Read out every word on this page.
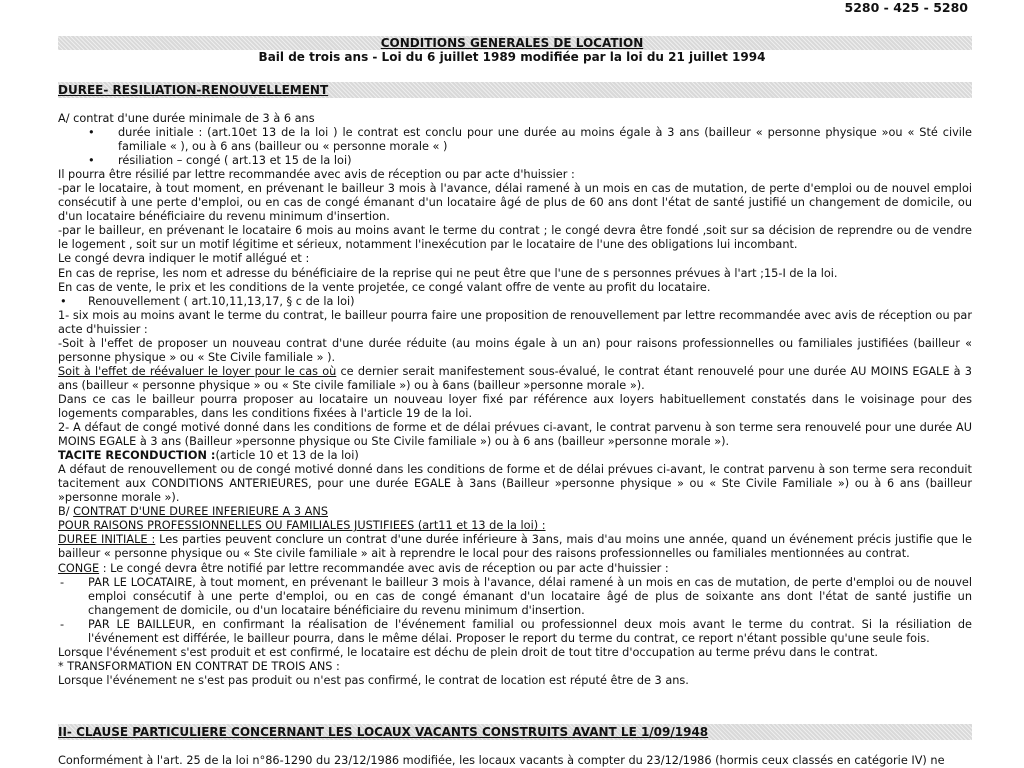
5280 - 425 - 5280
CONDITIONS GENERALES DE LOCATION
Bail de trois ans - Loi du 6 juillet 1989 modifiée par la loi du 21 juillet 1994
DUREE- RESILIATION-RENOUVELLEMENT

A/ contrat d'une durée minimale de 3 à 6 ans

• durée initiale : (art.10et 13 de la loi ) le contrat est conclu pour une durée au moins égale à 3 ans (bailleur « personne physique »ou « Sté civile familiale « ), ou à 6 ans (bailleur ou « personne morale « )

• résiliation – congé ( art.13 et 15 de la loi)

Il pourra être résilié par lettre recommandée avec avis de réception ou par acte d'huissier :

-par le locataire, à tout moment, en prévenant le bailleur 3 mois à l'avance, délai ramené à un mois en cas de mutation, de perte d'emploi ou de nouvel emploi consécutif à une perte d'emploi, ou en cas de congé émanant d'un locataire âgé de plus de 60 ans dont l'état de santé justifié un changement de domicile, ou d'un locataire bénéficiaire du revenu minimum d'insertion.

-par le bailleur, en prévenant le locataire 6 mois au moins avant le terme du contrat ; le congé devra être fondé ,soit sur sa décision de reprendre ou de vendre le logement , soit sur un motif légitime et sérieux, notamment l'inexécution par le locataire de l'une des obligations lui incombant.

Le congé devra indiquer le motif allégué et :

En cas de reprise, les nom et adresse du bénéficiaire de la reprise qui ne peut être que l'une de s personnes prévues à l'art ;15-I de la loi.

En cas de vente, le prix et les conditions de la vente projetée, ce congé valant offre de vente au profit du locataire.

• Renouvellement ( art.10,11,13,17, § c de la loi)

1- six mois au moins avant le terme du contrat, le bailleur pourra faire une proposition de renouvellement par lettre recommandée avec avis de réception ou par acte d'huissier :

-Soit à l'effet de proposer un nouveau contrat d'une durée réduite (au moins égale à un an) pour raisons professionnelles ou familiales justifiées (bailleur « personne physique » ou « Ste Civile familiale » ).

Soit à l'effet de réévaluer le loyer pour le cas où ce dernier serait manifestement sous-évalué, le contrat étant renouvelé pour une durée AU MOINS EGALE à 3 ans (bailleur « personne physique » ou « Ste civile familiale ») ou à 6ans (bailleur »personne morale »).

Dans ce cas le bailleur pourra proposer au locataire un nouveau loyer fixé par référence aux loyers habituellement constatés dans le voisinage pour des logements comparables, dans les conditions fixées à l'article 19 de la loi.

2- A défaut de congé motivé donné dans les conditions de forme et de délai prévues ci-avant, le contrat parvenu à son terme sera renouvelé pour une durée AU MOINS EGALE à 3 ans (Bailleur »personne physique ou Ste Civile familiale ») ou à 6 ans (bailleur »personne morale »).

TACITE RECONDUCTION :(article 10 et 13 de la loi)

A défaut de renouvellement ou de congé motivé donné dans les conditions de forme et de délai prévues ci-avant, le contrat parvenu à son terme sera reconduit tacitement aux CONDITIONS ANTERIEURES, pour une durée EGALE à 3ans (Bailleur »personne physique » ou « Ste Civile Familiale ») ou à 6 ans (bailleur »personne morale »).

B/ CONTRAT D'UNE DUREE INFERIEURE A 3 ANS

POUR RAISONS PROFESSIONNELLES OU FAMILIALES JUSTIFIEES (art11 et 13 de la loi) :

DUREE INITIALE : Les parties peuvent conclure un contrat d'une durée inférieure à 3ans, mais d'au moins une année, quand un événement précis justifie que le bailleur « personne physique ou « Ste civile familiale » ait à reprendre le local pour des raisons professionnelles ou familiales mentionnées au contrat.

CONGE : Le congé devra être notifié par lettre recommandée avec avis de réception ou par acte d'huissier :

- PAR LE LOCATAIRE, à tout moment, en prévenant le bailleur 3 mois à l'avance, délai ramené à un mois en cas de mutation, de perte d'emploi ou de nouvel emploi consécutif à une perte d'emploi, ou en cas de congé émanant d'un locataire âgé de plus de soixante ans dont l'état de santé justifie un changement de domicile, ou d'un locataire bénéficiaire du revenu minimum d'insertion.

- PAR LE BAILLEUR, en confirmant la réalisation de l'événement familial ou professionnel deux mois avant le terme du contrat. Si la résiliation de l'événement est différée, le bailleur pourra, dans le même délai. Proposer le report du terme du contrat, ce report n'étant possible qu'une seule fois.

Lorsque l'événement s'est produit et est confirmé, le locataire est déchu de plein droit de tout titre d'occupation au terme prévu dans le contrat.

* TRANSFORMATION EN CONTRAT DE TROIS ANS :

Lorsque l'événement ne s'est pas produit ou n'est pas confirmé, le contrat de location est réputé être de 3 ans.

II- CLAUSE PARTICULIERE CONCERNANT LES LOCAUX VACANTS CONSTRUITS AVANT LE 1/09/1948
Conformément à l'art. 25 de la loi n°86-1290 du 23/12/1986 modifiée, les locaux vacants à compter du 23/12/1986 (hormis ceux classés en catégorie IV) ne
